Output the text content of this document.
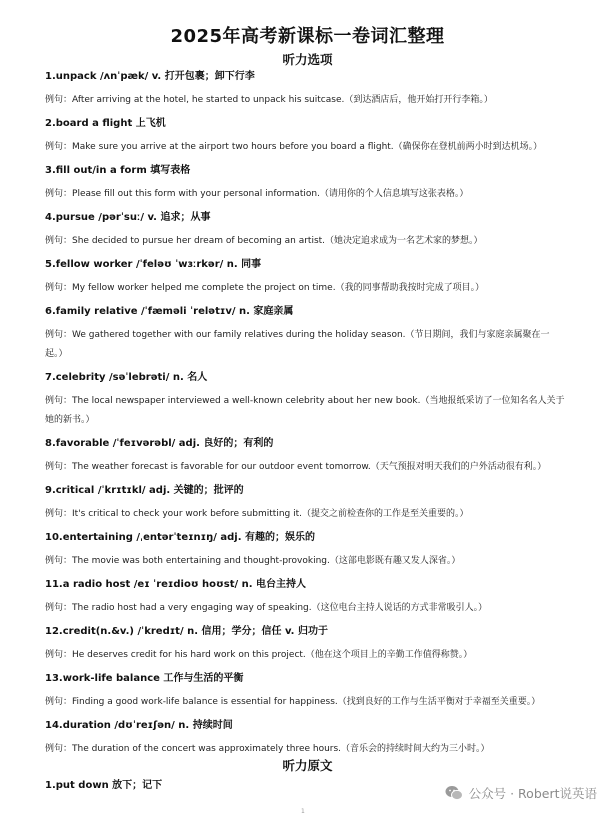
2025年高考新课标一卷词汇整理
听力选项
1.unpack /ʌnˈpæk/ v. 打开包裹；卸下行李
例句：After arriving at the hotel, he started to unpack his suitcase.（到达酒店后，他开始打开行李箱。）
2.board a flight 上飞机
例句：Make sure you arrive at the airport two hours before you board a flight.（确保你在登机前两小时到达机场。）
3.fill out/in a form 填写表格
例句：Please fill out this form with your personal information.（请用你的个人信息填写这张表格。）
4.pursue /pərˈsuː/ v. 追求；从事
例句：She decided to pursue her dream of becoming an artist.（她决定追求成为一名艺术家的梦想。）
5.fellow worker /ˈfeləʊ ˈwɜːrkər/ n. 同事
例句：My fellow worker helped me complete the project on time.（我的同事帮助我按时完成了项目。）
6.family relative /ˈfæməli ˈrelətɪv/ n. 家庭亲属
例句：We gathered together with our family relatives during the holiday season.（节日期间，我们与家庭亲属聚在一起。）
7.celebrity /səˈlebrəti/ n. 名人
例句：The local newspaper interviewed a well-known celebrity about her new book.（当地报纸采访了一位知名名人关于她的新书。）
8.favorable /ˈfeɪvərəbl/ adj. 良好的；有利的
例句：The weather forecast is favorable for our outdoor event tomorrow.（天气预报对明天我们的户外活动很有利。）
9.critical /ˈkrɪtɪkl/ adj. 关键的；批评的
例句：It's critical to check your work before submitting it.（提交之前检查你的工作是至关重要的。）
10.entertaining /ˌentərˈteɪnɪŋ/ adj. 有趣的；娱乐的
例句：The movie was both entertaining and thought-provoking.（这部电影既有趣又发人深省。）
11.a radio host /eɪ ˈreɪdioʊ hoʊst/ n. 电台主持人
例句：The radio host had a very engaging way of speaking.（这位电台主持人说话的方式非常吸引人。）
12.credit(n.&v.) /ˈkredɪt/ n. 信用；学分；信任 v. 归功于
例句：He deserves credit for his hard work on this project.（他在这个项目上的辛勤工作值得称赞。）
13.work-life balance 工作与生活的平衡
例句：Finding a good work-life balance is essential for happiness.（找到良好的工作与生活平衡对于幸福至关重要。）
14.duration /dʊˈreɪʃən/ n. 持续时间
例句：The duration of the concert was approximately three hours.（音乐会的持续时间大约为三小时。）
听力原文
1.put down 放下；记下
公众号 · Robert说英语
1
